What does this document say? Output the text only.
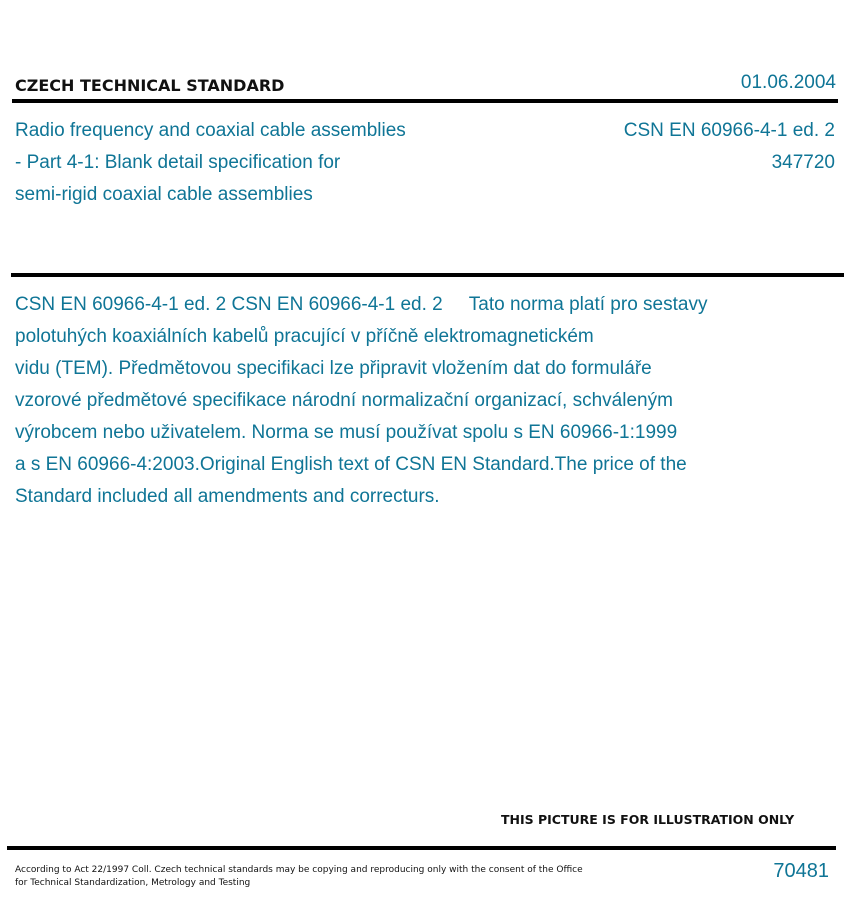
CZECH TECHNICAL STANDARD	01.06.2004
Radio frequency and coaxial cable assemblies
- Part 4-1: Blank detail specification for
semi-rigid coaxial cable assemblies
CSN EN 60966-4-1 ed. 2
347720
CSN EN 60966-4-1 ed. 2 CSN EN 60966-4-1 ed. 2     Tato norma platí pro sestavy
polotuhých koaxiálních kabelů pracující v příčně elektromagnetickém
vidu (TEM). Předmětovou specifikaci lze připravit vložením dat do formuláře
vzorové předmětové specifikace národní normalizační organizací, schváleným
výrobcem nebo uživatelem. Norma se musí používat spolu s EN 60966-1:1999
a s EN 60966-4:2003.Original English text of CSN EN Standard.The price of the
Standard included all amendments and correcturs.
THIS PICTURE IS FOR ILLUSTRATION ONLY
According to Act 22/1997 Coll. Czech technical standards may be copying and reproducing only with the consent of the Office
for Technical Standardization, Metrology and Testing
70481
